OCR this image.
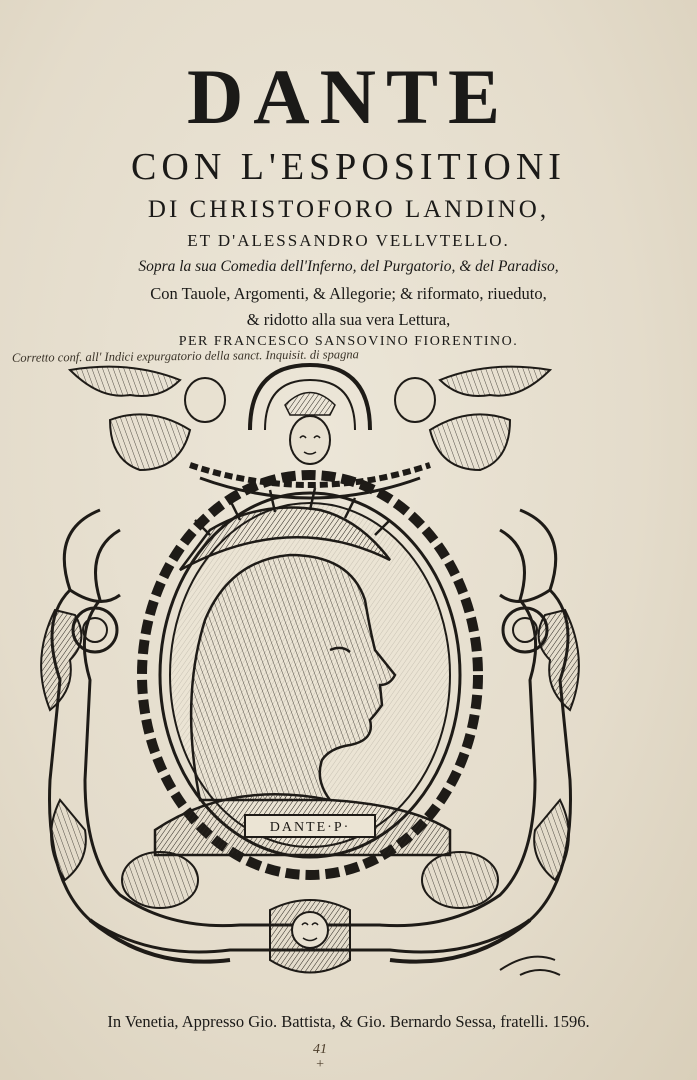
DANTE
CON L'ESPOSITIONI
DI CHRISTOFORO LANDINO,
ET D'ALESSANDRO VELLVTELLO.
Sopra la sua Comedia dell'Inferno, del Purgatorio, & del Paradiso,
Con Tauole, Argomenti, & Allegorie; & riformato, riueduto,
& ridotto alla sua vera Lettura,
PER FRANCESCO SANSOVINO FIORENTINO.
Corretto conf. all' Indici expurgatorio della sanct. Inquisit. di spagna
DANTE·P·
In Venetia, Appresso Gio. Battista, & Gio. Bernardo Sessa, fratelli. 1596.
41
+
